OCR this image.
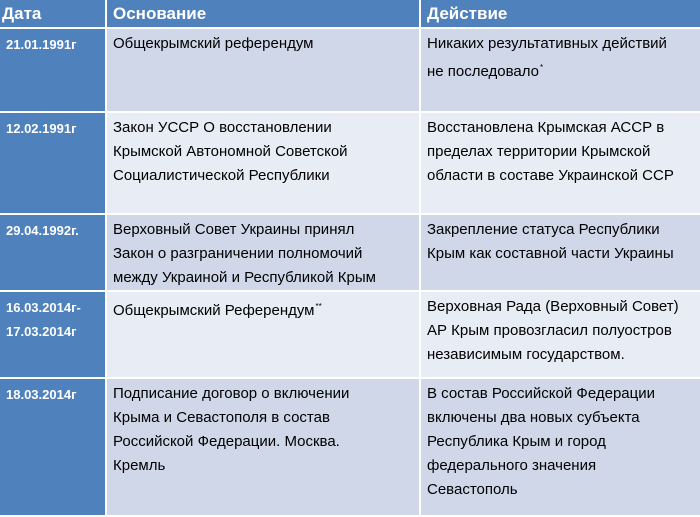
Дата	Основание	Действие

21.01.1991г	Общекрымский референдум	Никаких результативных действий
не последовало*

12.02.1991г	Закон УССР О восстановлении
Крымской Автономной Советской
Социалистической Республики	Восстановлена Крымская АССР в
пределах территории Крымской
области в составе Украинской ССР

29.04.1992г.	Верховный Совет Украины принял
Закон о разграничении полномочий
между Украиной и Республикой Крым	Закрепление статуса Республики
Крым как составной части Украины

16.03.2014г-
17.03.2014г	Общекрымский Референдум**	Верховная Рада (Верховный Совет)
АР Крым провозгласил полуостров
независимым государством.

18.03.2014г	Подписание договор о включении
Крыма и Севастополя в состав
Российской Федерации. Москва.
Кремль	В состав Российской Федерации
включены два новых субъекта
Республика Крым и город
федерального значения
Севастополь
